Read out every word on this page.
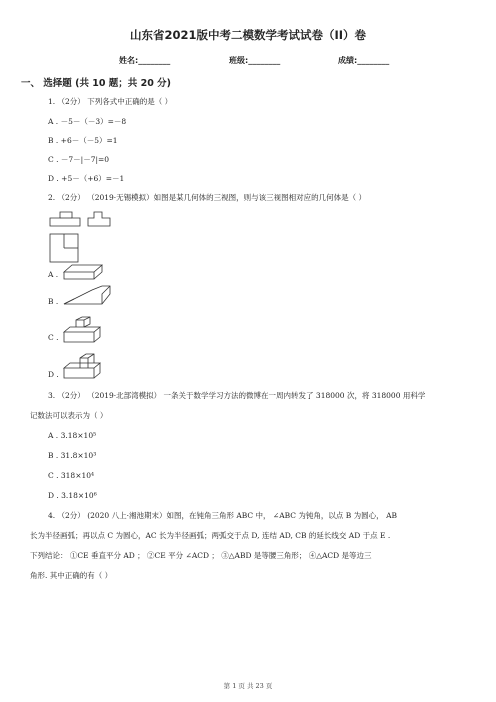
山东省2021版中考二模数学考试试卷（II）卷
姓名:________	班级:________	成绩:________
一、 选择题 (共 10 题；共 20 分)
1. （2分） 下列各式中正确的是（ ）
A . －5－（－3）=－8
B . +6－（－5）=1
C . －7－|－7|=0
D . +5－（+6）=－1
2. （2分） （2019·无锡模拟）如图是某几何体的三视图，则与该三视图相对应的几何体是（ ）
A .
B .
C .
D .
3. （2分） （2019·北部湾模拟） 一条关于数学学习方法的微博在一周内转发了 318000 次，将 318000 用科学
记数法可以表示为（ ）
A . 3.18×10⁵
B . 31.8×10³
C . 318×10⁴
D . 3.18×10⁶
4. （2分） (2020 八上·湘池期末）如图，在钝角三角形 ABC 中， ∠ABC 为钝角，以点 B 为圆心， AB
长为半径画弧；再以点 C 为圆心，AC 长为半径画弧；两弧交于点 D, 连结 AD, CB 的延长线交 AD 于点 E .
下列结论： ①CE 垂直平分 AD ； ②CE 平分 ∠ACD ； ③△ABD 是等腰三角形； ④△ACD 是等边三
角形. 其中正确的有（ ）
第 1 页 共 23 页
